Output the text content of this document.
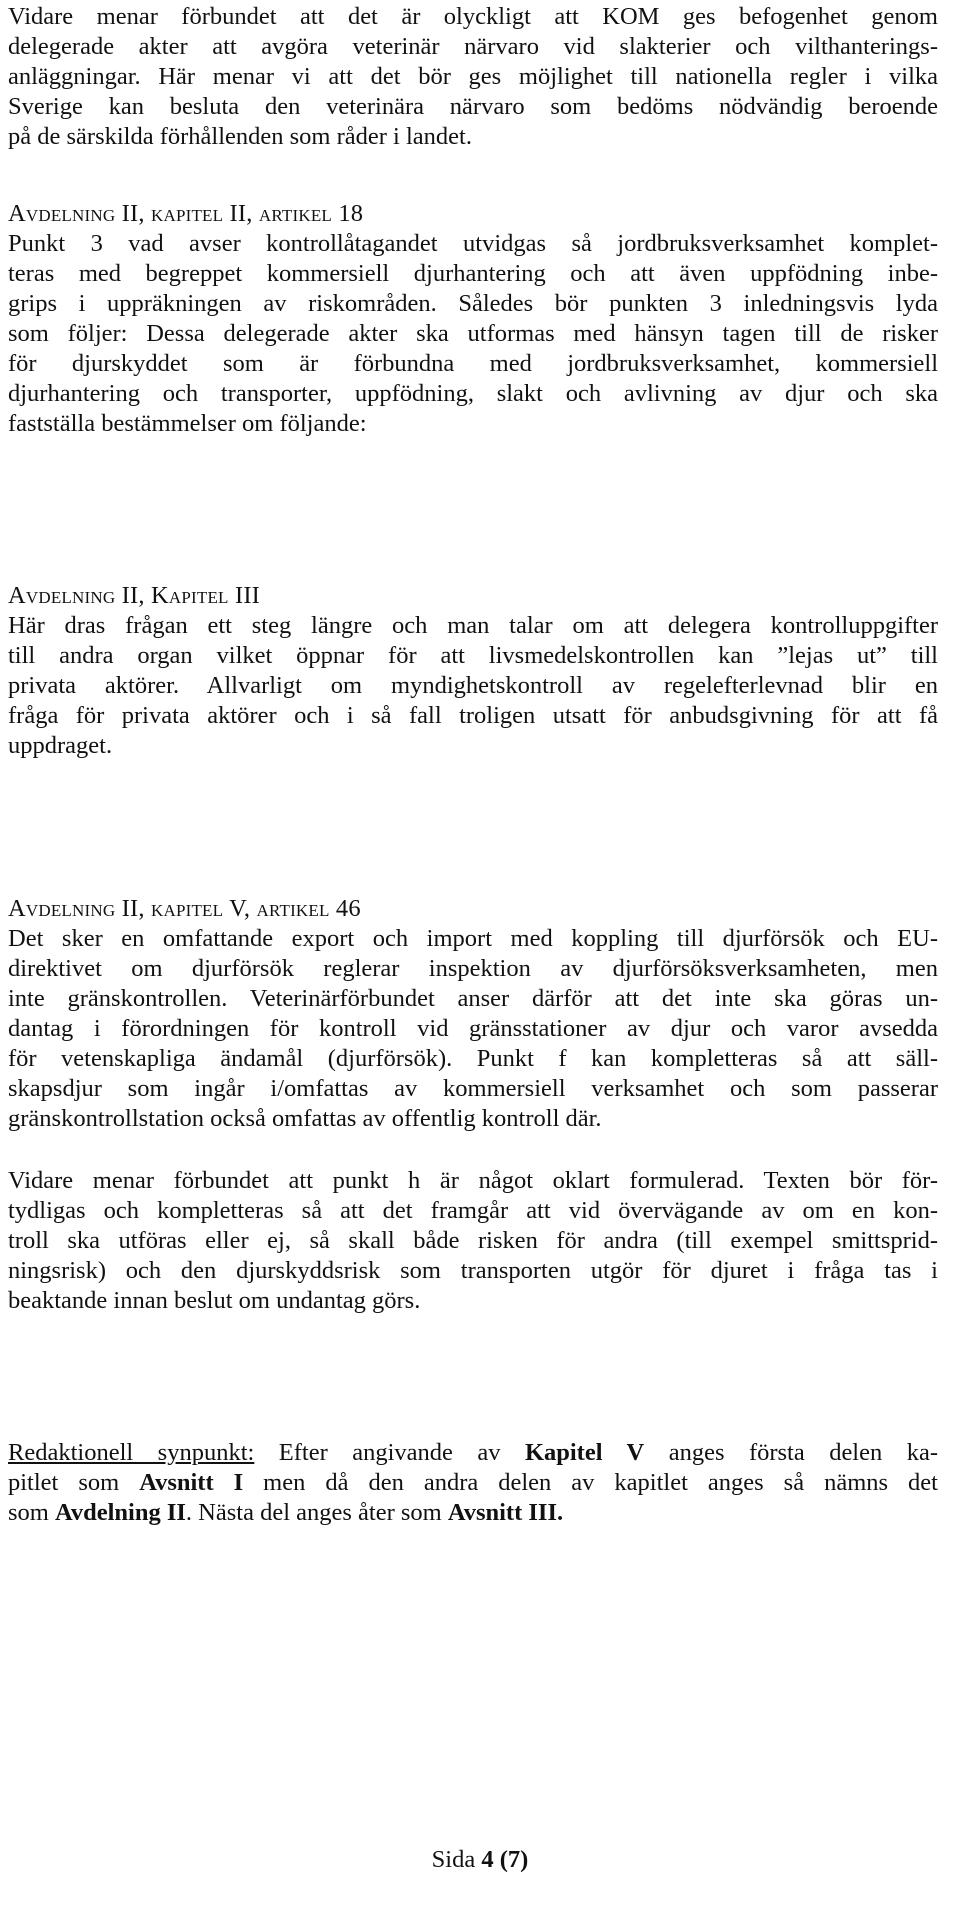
Vidare menar förbundet att det är olyckligt att KOM ges befogenhet genom
delegerade akter att avgöra veterinär närvaro vid slakterier och vilthanterings-
anläggningar. Här menar vi att det bör ges möjlighet till nationella regler i vilka
Sverige kan besluta den veterinära närvaro som bedöms nödvändig beroende
på de särskilda förhållenden som råder i landet.
Avdelning II, kapitel II, artikel 18
Punkt 3 vad avser kontrollåtagandet utvidgas så jordbruksverksamhet komplet-
teras med begreppet kommersiell djurhantering och att även uppfödning inbe-
grips i uppräkningen av riskområden. Således bör punkten 3 inledningsvis lyda
som följer: Dessa delegerade akter ska utformas med hänsyn tagen till de risker
för djurskyddet som är förbundna med jordbruksverksamhet, kommersiell
djurhantering och transporter, uppfödning, slakt och avlivning av djur och ska
fastställa bestämmelser om följande:
Avdelning II, Kapitel III
Här dras frågan ett steg längre och man talar om att delegera kontrolluppgifter
till andra organ vilket öppnar för att livsmedelskontrollen kan ”lejas ut” till
privata aktörer. Allvarligt om myndighetskontroll av regelefterlevnad blir en
fråga för privata aktörer och i så fall troligen utsatt för anbudsgivning för att få
uppdraget.
Avdelning II, kapitel V, artikel 46
Det sker en omfattande export och import med koppling till djurförsök och EU-
direktivet om djurförsök reglerar inspektion av djurförsöksverksamheten, men
inte gränskontrollen. Veterinärförbundet anser därför att det inte ska göras un-
dantag i förordningen för kontroll vid gränsstationer av djur och varor avsedda
för vetenskapliga ändamål (djurförsök). Punkt f kan kompletteras så att säll-
skapsdjur som ingår i/omfattas av kommersiell verksamhet och som passerar
gränskontrollstation också omfattas av offentlig kontroll där.
Vidare menar förbundet att punkt h är något oklart formulerad. Texten bör för-
tydligas och kompletteras så att det framgår att vid övervägande av om en kon-
troll ska utföras eller ej, så skall både risken för andra (till exempel smittsprid-
ningsrisk) och den djurskyddsrisk som transporten utgör för djuret i fråga tas i
beaktande innan beslut om undantag görs.
Redaktionell synpunkt: Efter angivande av Kapitel V anges första delen ka-
pitlet som Avsnitt I men då den andra delen av kapitlet anges så nämns det
som Avdelning II. Nästa del anges åter som Avsnitt III.
Sida 4 (7)
